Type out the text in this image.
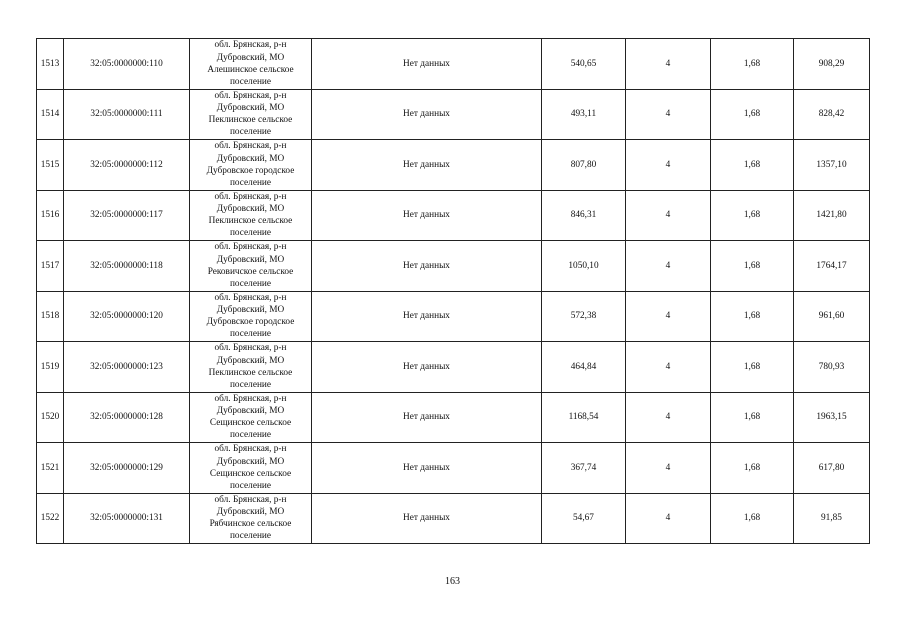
1513	32:05:0000000:110	обл. Брянская, р-н
Дубровский, МО
Алешинское сельское
поселение	Нет данных	540,65	4	1,68	908,29
1514	32:05:0000000:111	обл. Брянская, р-н
Дубровский, МО
Пеклинское сельское
поселение	Нет данных	493,11	4	1,68	828,42
1515	32:05:0000000:112	обл. Брянская, р-н
Дубровский, МО
Дубровское городское
поселение	Нет данных	807,80	4	1,68	1357,10
1516	32:05:0000000:117	обл. Брянская, р-н
Дубровский, МО
Пеклинское сельское
поселение	Нет данных	846,31	4	1,68	1421,80
1517	32:05:0000000:118	обл. Брянская, р-н
Дубровский, МО
Рековичское сельское
поселение	Нет данных	1050,10	4	1,68	1764,17
1518	32:05:0000000:120	обл. Брянская, р-н
Дубровский, МО
Дубровское городское
поселение	Нет данных	572,38	4	1,68	961,60
1519	32:05:0000000:123	обл. Брянская, р-н
Дубровский, МО
Пеклинское сельское
поселение	Нет данных	464,84	4	1,68	780,93
1520	32:05:0000000:128	обл. Брянская, р-н
Дубровский, МО
Сещинское сельское
поселение	Нет данных	1168,54	4	1,68	1963,15
1521	32:05:0000000:129	обл. Брянская, р-н
Дубровский, МО
Сещинское сельское
поселение	Нет данных	367,74	4	1,68	617,80
1522	32:05:0000000:131	обл. Брянская, р-н
Дубровский, МО
Рябчинское сельское
поселение	Нет данных	54,67	4	1,68	91,85
163
